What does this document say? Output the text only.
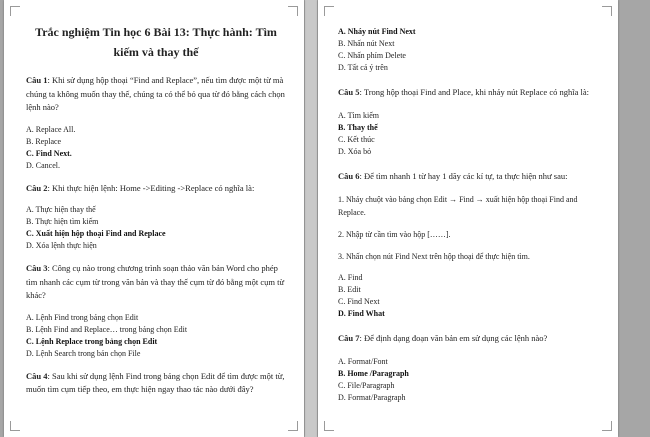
Trắc nghiệm Tin học 6 Bài 13: Thực hành: Tìm kiếm và thay thế

Câu 1: Khi sử dụng hộp thoại “Find and Replace”, nếu tìm được một từ mà chúng ta không muốn thay thế, chúng ta có thể bỏ qua từ đó bằng cách chọn lệnh nào?

A. Replace All.

B. Replace

C. Find Next.

D. Cancel.

Câu 2: Khi thực hiện lệnh: Home ->Editing ->Replace có nghĩa là:

A. Thực hiện thay thế

B. Thực hiện tìm kiếm

C. Xuất hiện hộp thoại Find and Replace

D. Xóa lệnh thực hiện

Câu 3: Công cụ nào trong chương trình soạn thảo văn bản Word cho phép tìm nhanh các cụm từ trong văn bản và thay thế cụm từ đó bằng một cụm từ khác?

A. Lệnh Find trong bảng chọn Edit

B. Lệnh Find and Replace… trong bảng chọn Edit

C. Lệnh Replace trong bảng chọn Edit

D. Lệnh Search trong bản chọn File

Câu 4: Sau khi sử dụng lệnh Find trong bảng chọn Edit để tìm được một từ, muốn tìm cụm tiếp theo, em thực hiện ngay thao tác nào dưới đây?

A. Nháy nút Find Next

B. Nhấn nút Next

C. Nhấn phím Delete

D. Tất cả ý trên

Câu 5: Trong hộp thoại Find and Place, khi nháy nút Replace có nghĩa là:

A. Tìm kiếm

B. Thay thế

C. Kết thúc

D. Xóa bỏ

Câu 6: Để tìm nhanh 1 từ hay 1 dãy các kí tự, ta thực hiện như sau:

1. Nháy chuột vào bảng chọn Edit → Find → xuất hiện hộp thoại Find and Replace.

2. Nhập từ cần tìm vào hộp [……].

3. Nhấn chọn nút Find Next trên hộp thoại để thực hiện tìm.

A. Find

B. Edit

C. Find Next

D. Find What

Câu 7: Để định dạng đoạn văn bản em sử dụng các lệnh nào?

A. Format/Font

B. Home /Paragraph

C. File/Paragraph

D. Format/Paragraph
